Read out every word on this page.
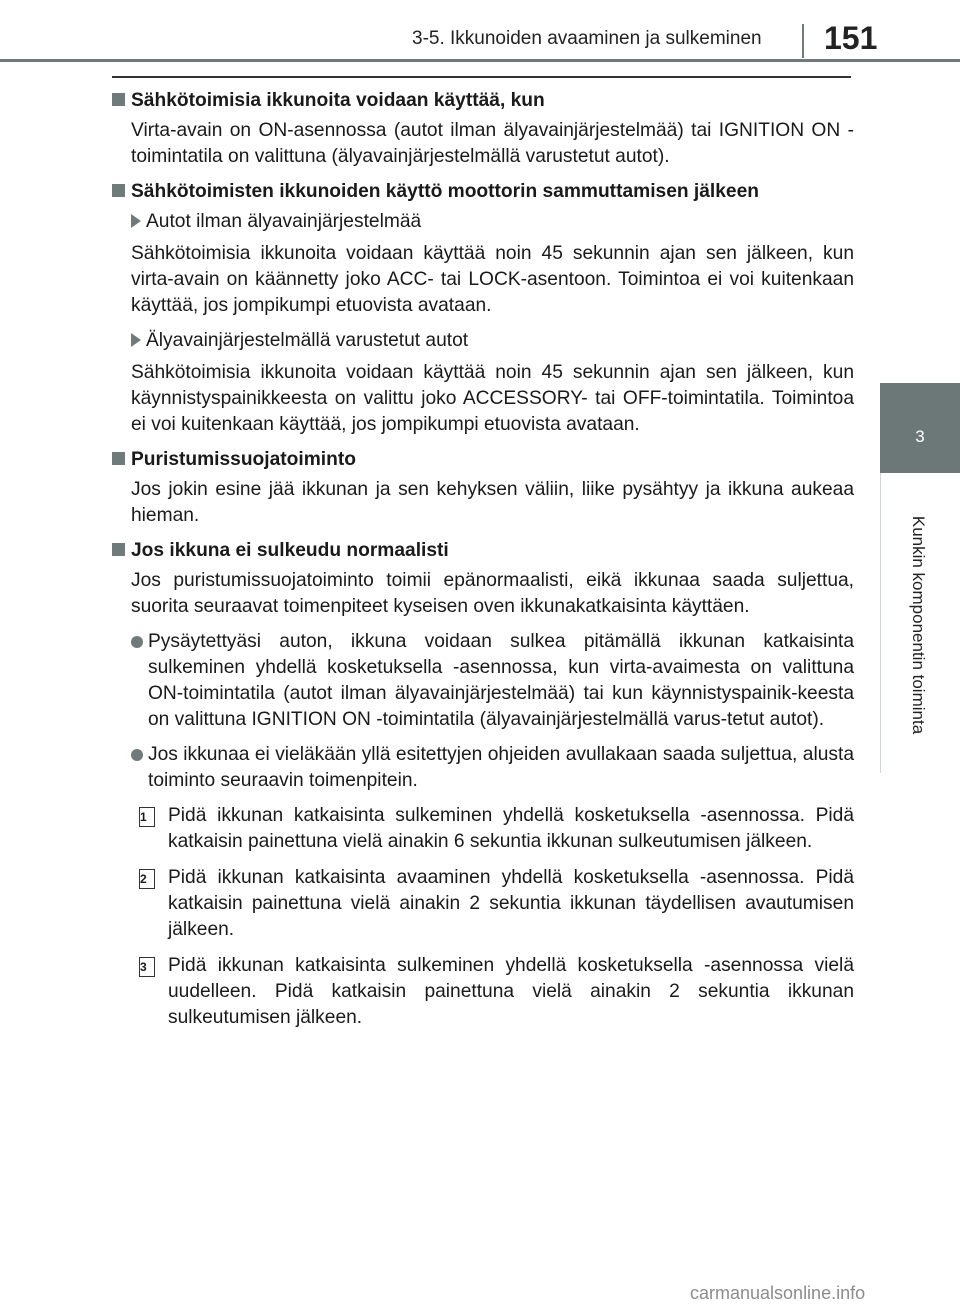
3-5. Ikkunoiden avaaminen ja sulkeminen 151
3
Kunkin komponentin toiminta
Sähkötoimisia ikkunoita voidaan käyttää, kun
Virta-avain on ON-asennossa (autot ilman älyavainjärjestelmää) tai IGNITION ON -toimintatila on valittuna (älyavainjärjestelmällä varustetut autot).
Sähkötoimisten ikkunoiden käyttö moottorin sammuttamisen jälkeen
Autot ilman älyavainjärjestelmää
Sähkötoimisia ikkunoita voidaan käyttää noin 45 sekunnin ajan sen jälkeen, kun virta-avain on käännetty joko ACC- tai LOCK-asentoon. Toimintoa ei voi kuitenkaan käyttää, jos jompikumpi etuovista avataan.
Älyavainjärjestelmällä varustetut autot
Sähkötoimisia ikkunoita voidaan käyttää noin 45 sekunnin ajan sen jälkeen, kun käynnistyspainikkeesta on valittu joko ACCESSORY- tai OFF-toimintatila. Toimintoa ei voi kuitenkaan käyttää, jos jompikumpi etuovista avataan.
Puristumissuojatoiminto
Jos jokin esine jää ikkunan ja sen kehyksen väliin, liike pysähtyy ja ikkuna aukeaa hieman.
Jos ikkuna ei sulkeudu normaalisti
Jos puristumissuojatoiminto toimii epänormaalisti, eikä ikkunaa saada suljettua, suorita seuraavat toimenpiteet kyseisen oven ikkunakatkaisinta käyttäen.
Pysäytettyäsi auton, ikkuna voidaan sulkea pitämällä ikkunan katkaisinta sulkeminen yhdellä kosketuksella -asennossa, kun virta-avaimesta on valittuna ON-toimintatila (autot ilman älyavainjärjestelmää) tai kun käynnistyspainik-keesta on valittuna IGNITION ON -toimintatila (älyavainjärjestelmällä varus-tetut autot).
Jos ikkunaa ei vieläkään yllä esitettyjen ohjeiden avullakaan saada suljettua, alusta toiminto seuraavin toimenpitein.
1	Pidä ikkunan katkaisinta sulkeminen yhdellä kosketuksella -asennossa. Pidä katkaisin painettuna vielä ainakin 6 sekuntia ikkunan sulkeutumisen jälkeen.
2	Pidä ikkunan katkaisinta avaaminen yhdellä kosketuksella -asennossa. Pidä katkaisin painettuna vielä ainakin 2 sekuntia ikkunan täydellisen avautumisen jälkeen.
3	Pidä ikkunan katkaisinta sulkeminen yhdellä kosketuksella -asennossa vielä uudelleen. Pidä katkaisin painettuna vielä ainakin 2 sekuntia ikkunan sulkeutumisen jälkeen.
carmanualsonline.info
